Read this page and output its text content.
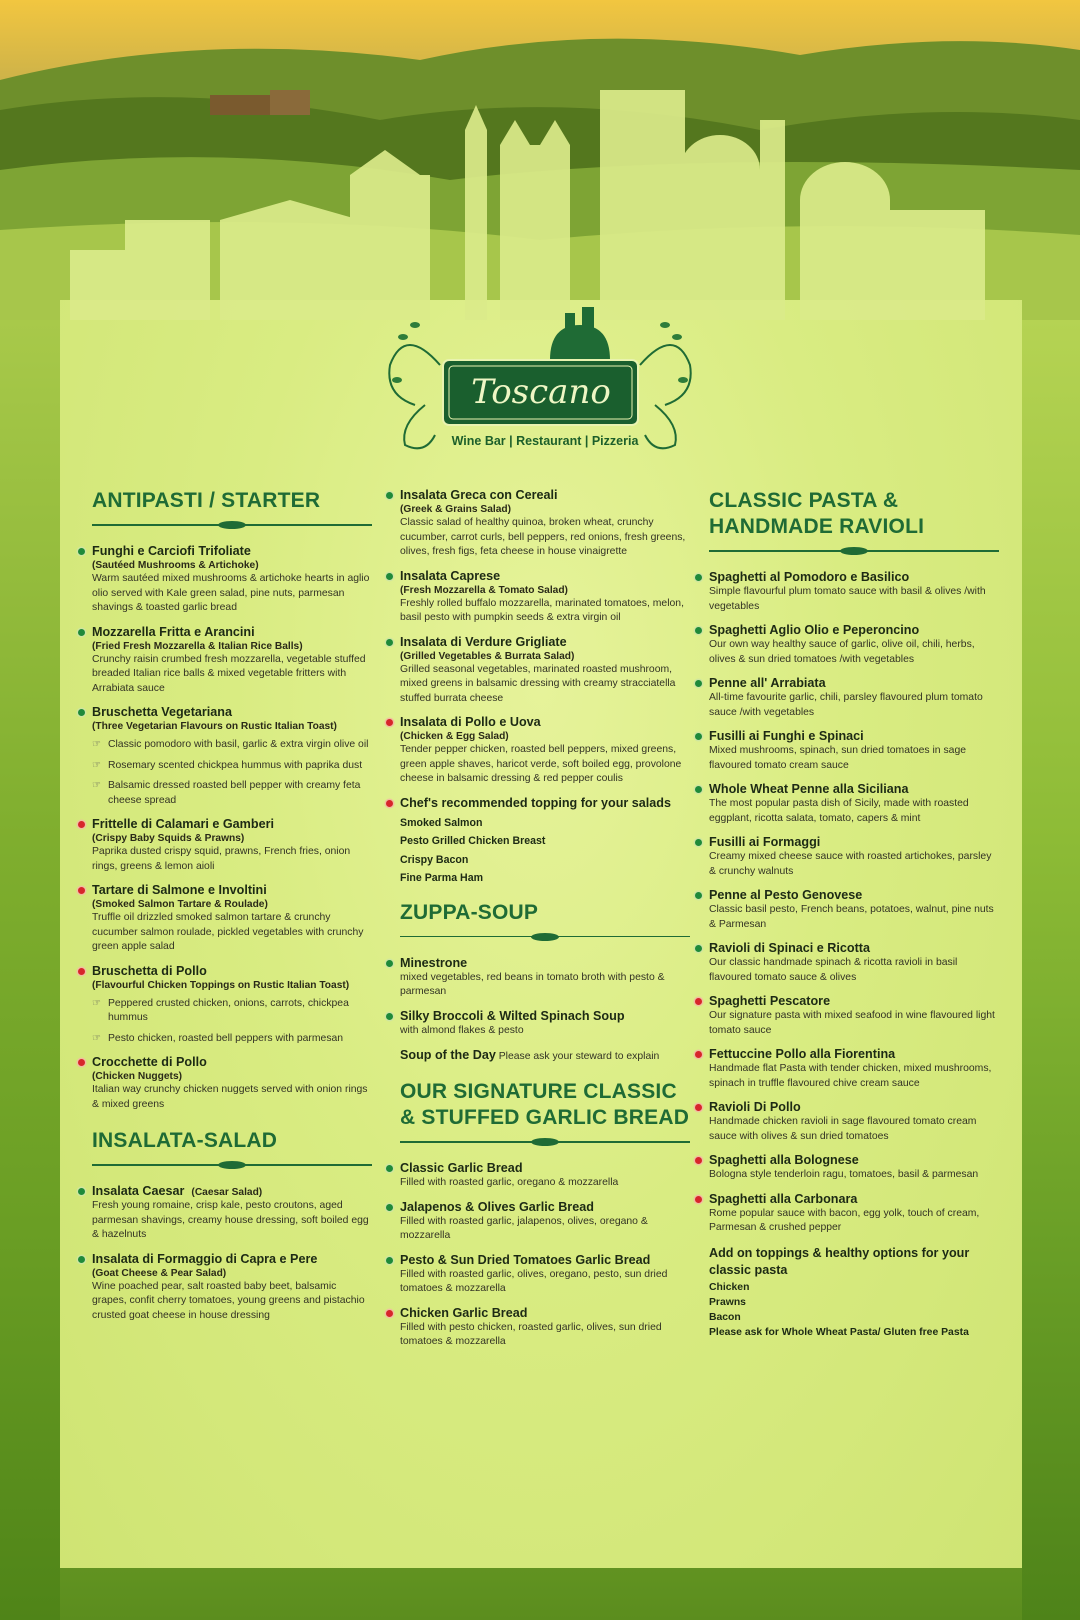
Toscano
Wine Bar | Restaurant | Pizzeria
ANTIPASTI / STARTER
Funghi e Carciofi Trifoliate
(Sautéed Mushrooms & Artichoke)
Warm sautéed mixed mushrooms & artichoke hearts in aglio olio served with Kale green salad, pine nuts, parmesan shavings & toasted garlic bread
Mozzarella Fritta e Arancini
(Fried Fresh Mozzarella & Italian Rice Balls)
Crunchy raisin crumbed fresh mozzarella, vegetable stuffed breaded Italian rice balls & mixed vegetable fritters with Arrabiata sauce
Bruschetta Vegetariana
(Three Vegetarian Flavours on Rustic Italian Toast)
☞ Classic pomodoro with basil, garlic & extra virgin olive oil
☞ Rosemary scented chickpea hummus with paprika dust
☞ Balsamic dressed roasted bell pepper with creamy feta cheese spread
Frittelle di Calamari e Gamberi
(Crispy Baby Squids & Prawns)
Paprika dusted crispy squid, prawns, French fries, onion rings, greens & lemon aioli
Tartare di Salmone e Involtini
(Smoked Salmon Tartare & Roulade)
Truffle oil drizzled smoked salmon tartare & crunchy cucumber salmon roulade, pickled vegetables with crunchy green apple salad
Bruschetta di Pollo
(Flavourful Chicken Toppings on Rustic Italian Toast)
☞ Peppered crusted chicken, onions, carrots, chickpea hummus
☞ Pesto chicken, roasted bell peppers with parmesan
Crocchette di Pollo
(Chicken Nuggets)
Italian way crunchy chicken nuggets served with onion rings & mixed greens
INSALATA-SALAD
Insalata Caesar (Caesar Salad)
Fresh young romaine, crisp kale, pesto croutons, aged parmesan shavings, creamy house dressing, soft boiled egg & hazelnuts
Insalata di Formaggio di Capra e Pere
(Goat Cheese & Pear Salad)
Wine poached pear, salt roasted baby beet, balsamic grapes, confit cherry tomatoes, young greens and pistachio crusted goat cheese in house dressing
Insalata Greca con Cereali
(Greek & Grains Salad)
Classic salad of healthy quinoa, broken wheat, crunchy cucumber, carrot curls, bell peppers, red onions, fresh greens, olives, fresh figs, feta cheese in house vinaigrette
Insalata Caprese
(Fresh Mozzarella & Tomato Salad)
Freshly rolled buffalo mozzarella, marinated tomatoes, melon, basil pesto with pumpkin seeds & extra virgin oil
Insalata di Verdure Grigliate
(Grilled Vegetables & Burrata Salad)
Grilled seasonal vegetables, marinated roasted mushroom, mixed greens in balsamic dressing with creamy stracciatella stuffed burrata cheese
Insalata di Pollo e Uova
(Chicken & Egg Salad)
Tender pepper chicken, roasted bell peppers, mixed greens, green apple shaves, haricot verde, soft boiled egg, provolone cheese in balsamic dressing & red pepper coulis
Chef's recommended topping for your salads
Smoked Salmon
Pesto Grilled Chicken Breast
Crispy Bacon
Fine Parma Ham
ZUPPA-SOUP
Minestrone
mixed vegetables, red beans in tomato broth with pesto & parmesan
Silky Broccoli & Wilted Spinach Soup
with almond flakes & pesto
Soup of the Day Please ask your steward to explain
OUR SIGNATURE CLASSIC & STUFFED GARLIC BREAD
Classic Garlic Bread
Filled with roasted garlic, oregano & mozzarella
Jalapenos & Olives Garlic Bread
Filled with roasted garlic, jalapenos, olives, oregano & mozzarella
Pesto & Sun Dried Tomatoes Garlic Bread
Filled with roasted garlic, olives, oregano, pesto, sun dried tomatoes & mozzarella
Chicken Garlic Bread
Filled with pesto chicken, roasted garlic, olives, sun dried tomatoes & mozzarella
CLASSIC PASTA & HANDMADE RAVIOLI
Spaghetti al Pomodoro e Basilico
Simple flavourful plum tomato sauce with basil & olives /with vegetables
Spaghetti Aglio Olio e Peperoncino
Our own way healthy sauce of garlic, olive oil, chili, herbs, olives & sun dried tomatoes /with vegetables
Penne all' Arrabiata
All-time favourite garlic, chili, parsley flavoured plum tomato sauce /with vegetables
Fusilli ai Funghi e Spinaci
Mixed mushrooms, spinach, sun dried tomatoes in sage flavoured tomato cream sauce
Whole Wheat Penne alla Siciliana
The most popular pasta dish of Sicily, made with roasted eggplant, ricotta salata, tomato, capers & mint
Fusilli ai Formaggi
Creamy mixed cheese sauce with roasted artichokes, parsley & crunchy walnuts
Penne al Pesto Genovese
Classic basil pesto, French beans, potatoes, walnut, pine nuts & Parmesan
Ravioli di Spinaci e Ricotta
Our classic handmade spinach & ricotta ravioli in basil flavoured tomato sauce & olives
Spaghetti Pescatore
Our signature pasta with mixed seafood in wine flavoured light tomato sauce
Fettuccine Pollo alla Fiorentina
Handmade flat Pasta with tender chicken, mixed mushrooms, spinach in truffle flavoured chive cream sauce
Ravioli Di Pollo
Handmade chicken ravioli in sage flavoured tomato cream sauce with olives & sun dried tomatoes
Spaghetti alla Bolognese
Bologna style tenderloin ragu, tomatoes, basil & parmesan
Spaghetti alla Carbonara
Rome popular sauce with bacon, egg yolk, touch of cream, Parmesan & crushed pepper
Add on toppings & healthy options for your classic pasta
Chicken
Prawns
Bacon
Please ask for Whole Wheat Pasta/ Gluten free Pasta
